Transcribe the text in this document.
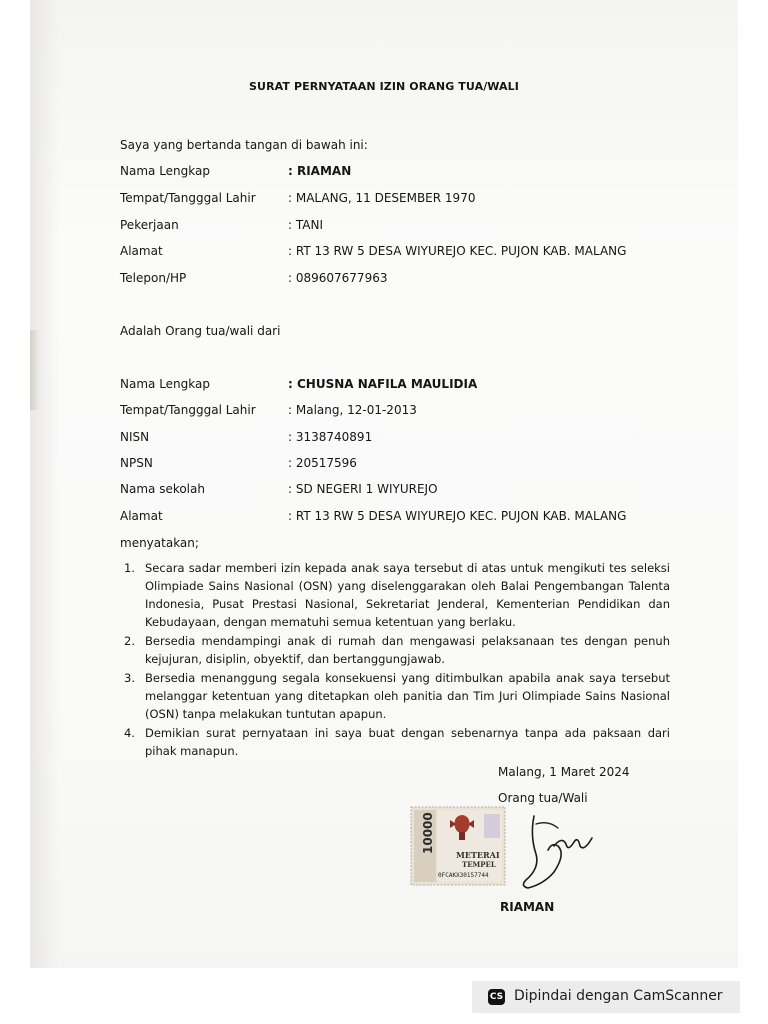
SURAT PERNYATAAN IZIN ORANG TUA/WALI
Saya yang bertanda tangan di bawah ini:
Nama Lengkap	: RIAMAN
Tempat/Tangggal Lahir	: MALANG, 11 DESEMBER 1970
Pekerjaan	: TANI
Alamat	: RT 13 RW 5 DESA WIYUREJO KEC. PUJON KAB. MALANG
Telepon/HP	: 089607677963
Adalah Orang tua/wali dari
Nama Lengkap	: CHUSNA NAFILA MAULIDIA
Tempat/Tangggal Lahir	: Malang, 12-01-2013
NISN	: 3138740891
NPSN	: 20517596
Nama sekolah	: SD NEGERI 1 WIYUREJO
Alamat	: RT 13 RW 5 DESA WIYUREJO KEC. PUJON KAB. MALANG
menyatakan;
1. Secara sadar memberi izin kepada anak saya tersebut di atas untuk mengikuti tes seleksi Olimpiade Sains Nasional (OSN) yang diselenggarakan oleh Balai Pengembangan Talenta Indonesia, Pusat Prestasi Nasional, Sekretariat Jenderal, Kementerian Pendidikan dan Kebudayaan, dengan mematuhi semua ketentuan yang berlaku.
2. Bersedia mendampingi anak di rumah dan mengawasi pelaksanaan tes dengan penuh kejujuran, disiplin, obyektif, dan bertanggungjawab.
3. Bersedia menanggung segala konsekuensi yang ditimbulkan apabila anak saya tersebut melanggar ketentuan yang ditetapkan oleh panitia dan Tim Juri Olimpiade Sains Nasional (OSN) tanpa melakukan tuntutan apapun.
4. Demikian surat pernyataan ini saya buat dengan sebenarnya tanpa ada paksaan dari pihak manapun.
Malang, 1 Maret 2024
Orang tua/Wali
10000
METERAI
TEMPEL
0FCAKX30157744
RIAMAN
CS Dipindai dengan CamScanner
